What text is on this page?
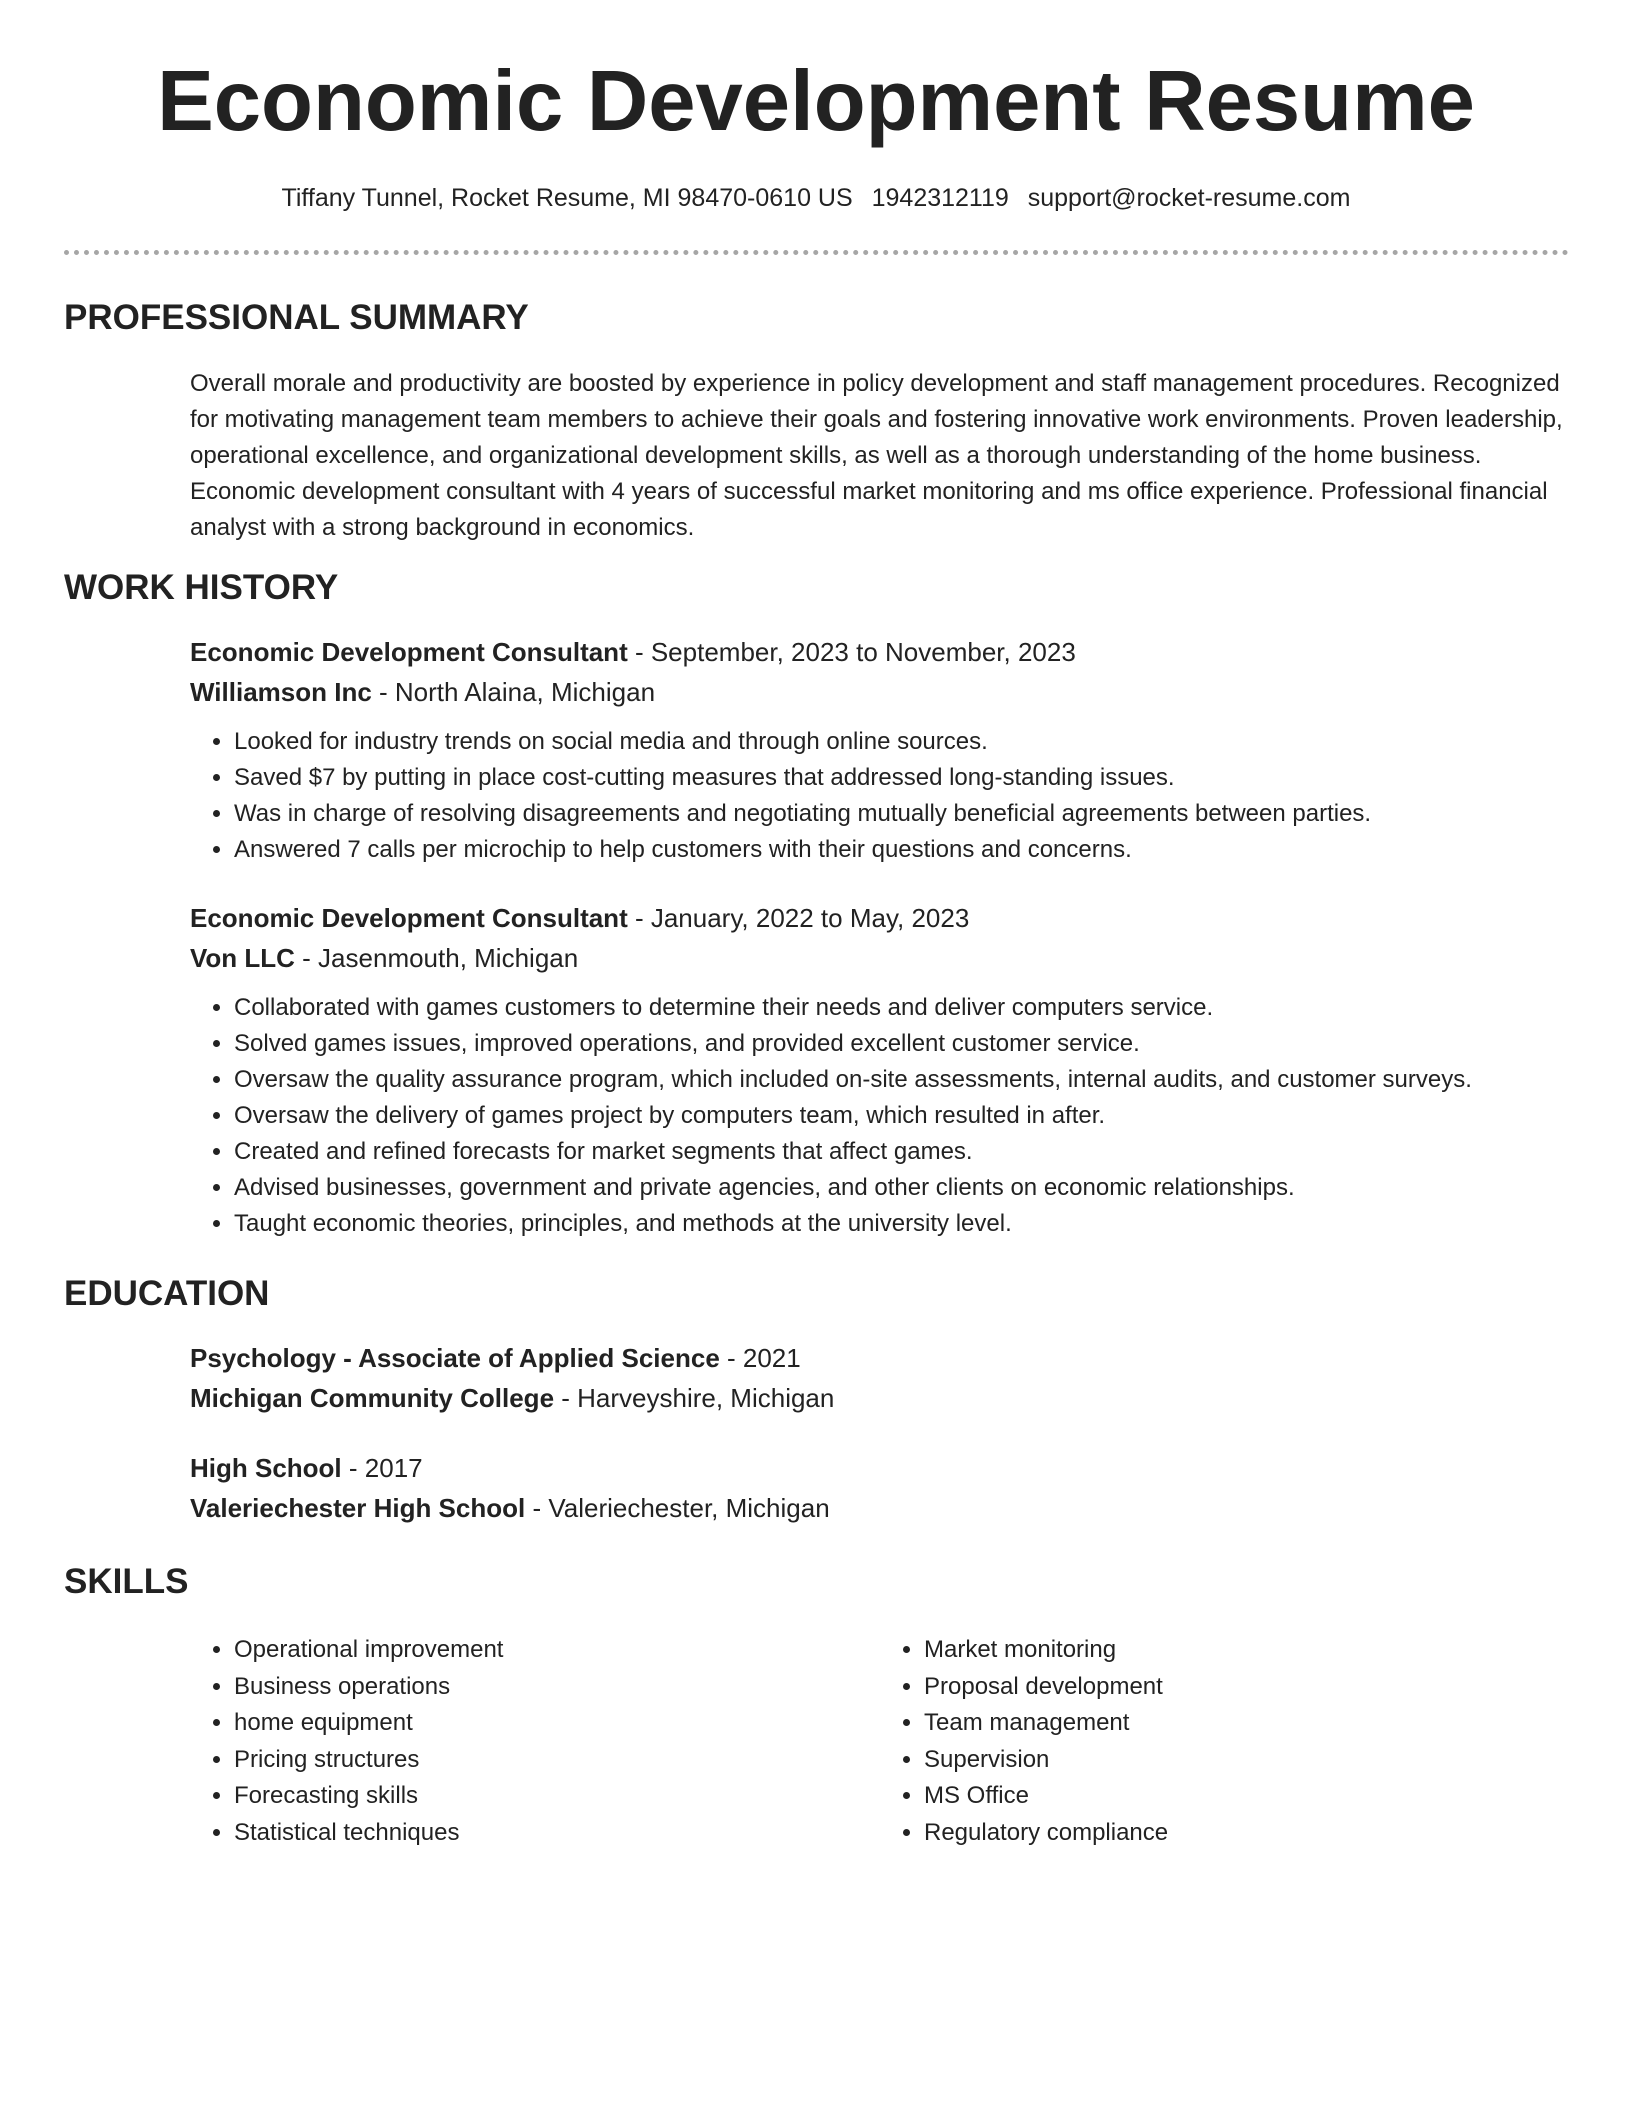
Economic Development Resume
Tiffany Tunnel, Rocket Resume, MI 98470-0610 US 1942312119 support@rocket-resume.com
PROFESSIONAL SUMMARY
Overall morale and productivity are boosted by experience in policy development and staff management procedures. Recognized for motivating management team members to achieve their goals and fostering innovative work environments. Proven leadership, operational excellence, and organizational development skills, as well as a thorough understanding of the home business. Economic development consultant with 4 years of successful market monitoring and ms office experience. Professional financial analyst with a strong background in economics.
WORK HISTORY
Economic Development Consultant - September, 2023 to November, 2023
Williamson Inc - North Alaina, Michigan
• Looked for industry trends on social media and through online sources.
• Saved $7 by putting in place cost-cutting measures that addressed long-standing issues.
• Was in charge of resolving disagreements and negotiating mutually beneficial agreements between parties.
• Answered 7 calls per microchip to help customers with their questions and concerns.
Economic Development Consultant - January, 2022 to May, 2023
Von LLC - Jasenmouth, Michigan
• Collaborated with games customers to determine their needs and deliver computers service.
• Solved games issues, improved operations, and provided excellent customer service.
• Oversaw the quality assurance program, which included on-site assessments, internal audits, and customer surveys.
• Oversaw the delivery of games project by computers team, which resulted in after.
• Created and refined forecasts for market segments that affect games.
• Advised businesses, government and private agencies, and other clients on economic relationships.
• Taught economic theories, principles, and methods at the university level.
EDUCATION
Psychology - Associate of Applied Science - 2021
Michigan Community College - Harveyshire, Michigan
High School - 2017
Valeriechester High School - Valeriechester, Michigan
SKILLS
• Operational improvement
• Business operations
• home equipment
• Pricing structures
• Forecasting skills
• Statistical techniques
• Market monitoring
• Proposal development
• Team management
• Supervision
• MS Office
• Regulatory compliance
